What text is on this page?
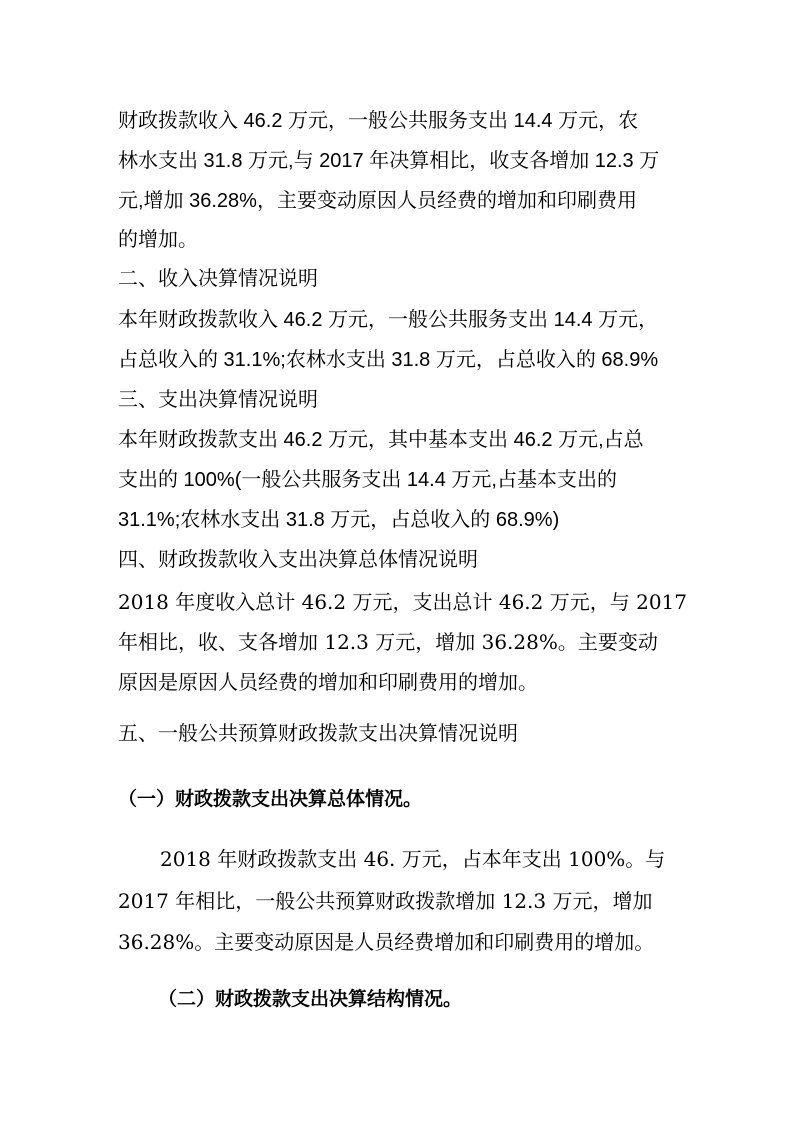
财政拨款收入 46.2 万元，一般公共服务支出 14.4 万元，农

林水支出 31.8 万元,与 2017 年决算相比，收支各增加 12.3 万

元,增加 36.28%，主要变动原因人员经费的增加和印刷费用

的增加。

二、收入决算情况说明

本年财政拨款收入 46.2 万元，一般公共服务支出 14.4 万元，

占总收入的 31.1%;农林水支出 31.8 万元，占总收入的 68.9%

三、支出决算情况说明

本年财政拨款支出 46.2 万元，其中基本支出 46.2 万元,占总

支出的 100%(一般公共服务支出 14.4 万元,占基本支出的

31.1%;农林水支出 31.8 万元，占总收入的 68.9%)

四、财政拨款收入支出决算总体情况说明

2018 年度收入总计 46.2 万元，支出总计 46.2 万元，与 2017

年相比，收、支各增加 12.3 万元，增加 36.28%。主要变动

原因是原因人员经费的增加和印刷费用的增加。

五、一般公共预算财政拨款支出决算情况说明
（一）财政拨款支出决算总体情况。

2018 年财政拨款支出 46. 万元，占本年支出 100%。与

2017 年相比，一般公共预算财政拨款增加 12.3 万元，增加

36.28%。主要变动原因是人员经费增加和印刷费用的增加。

（二）财政拨款支出决算结构情况。
